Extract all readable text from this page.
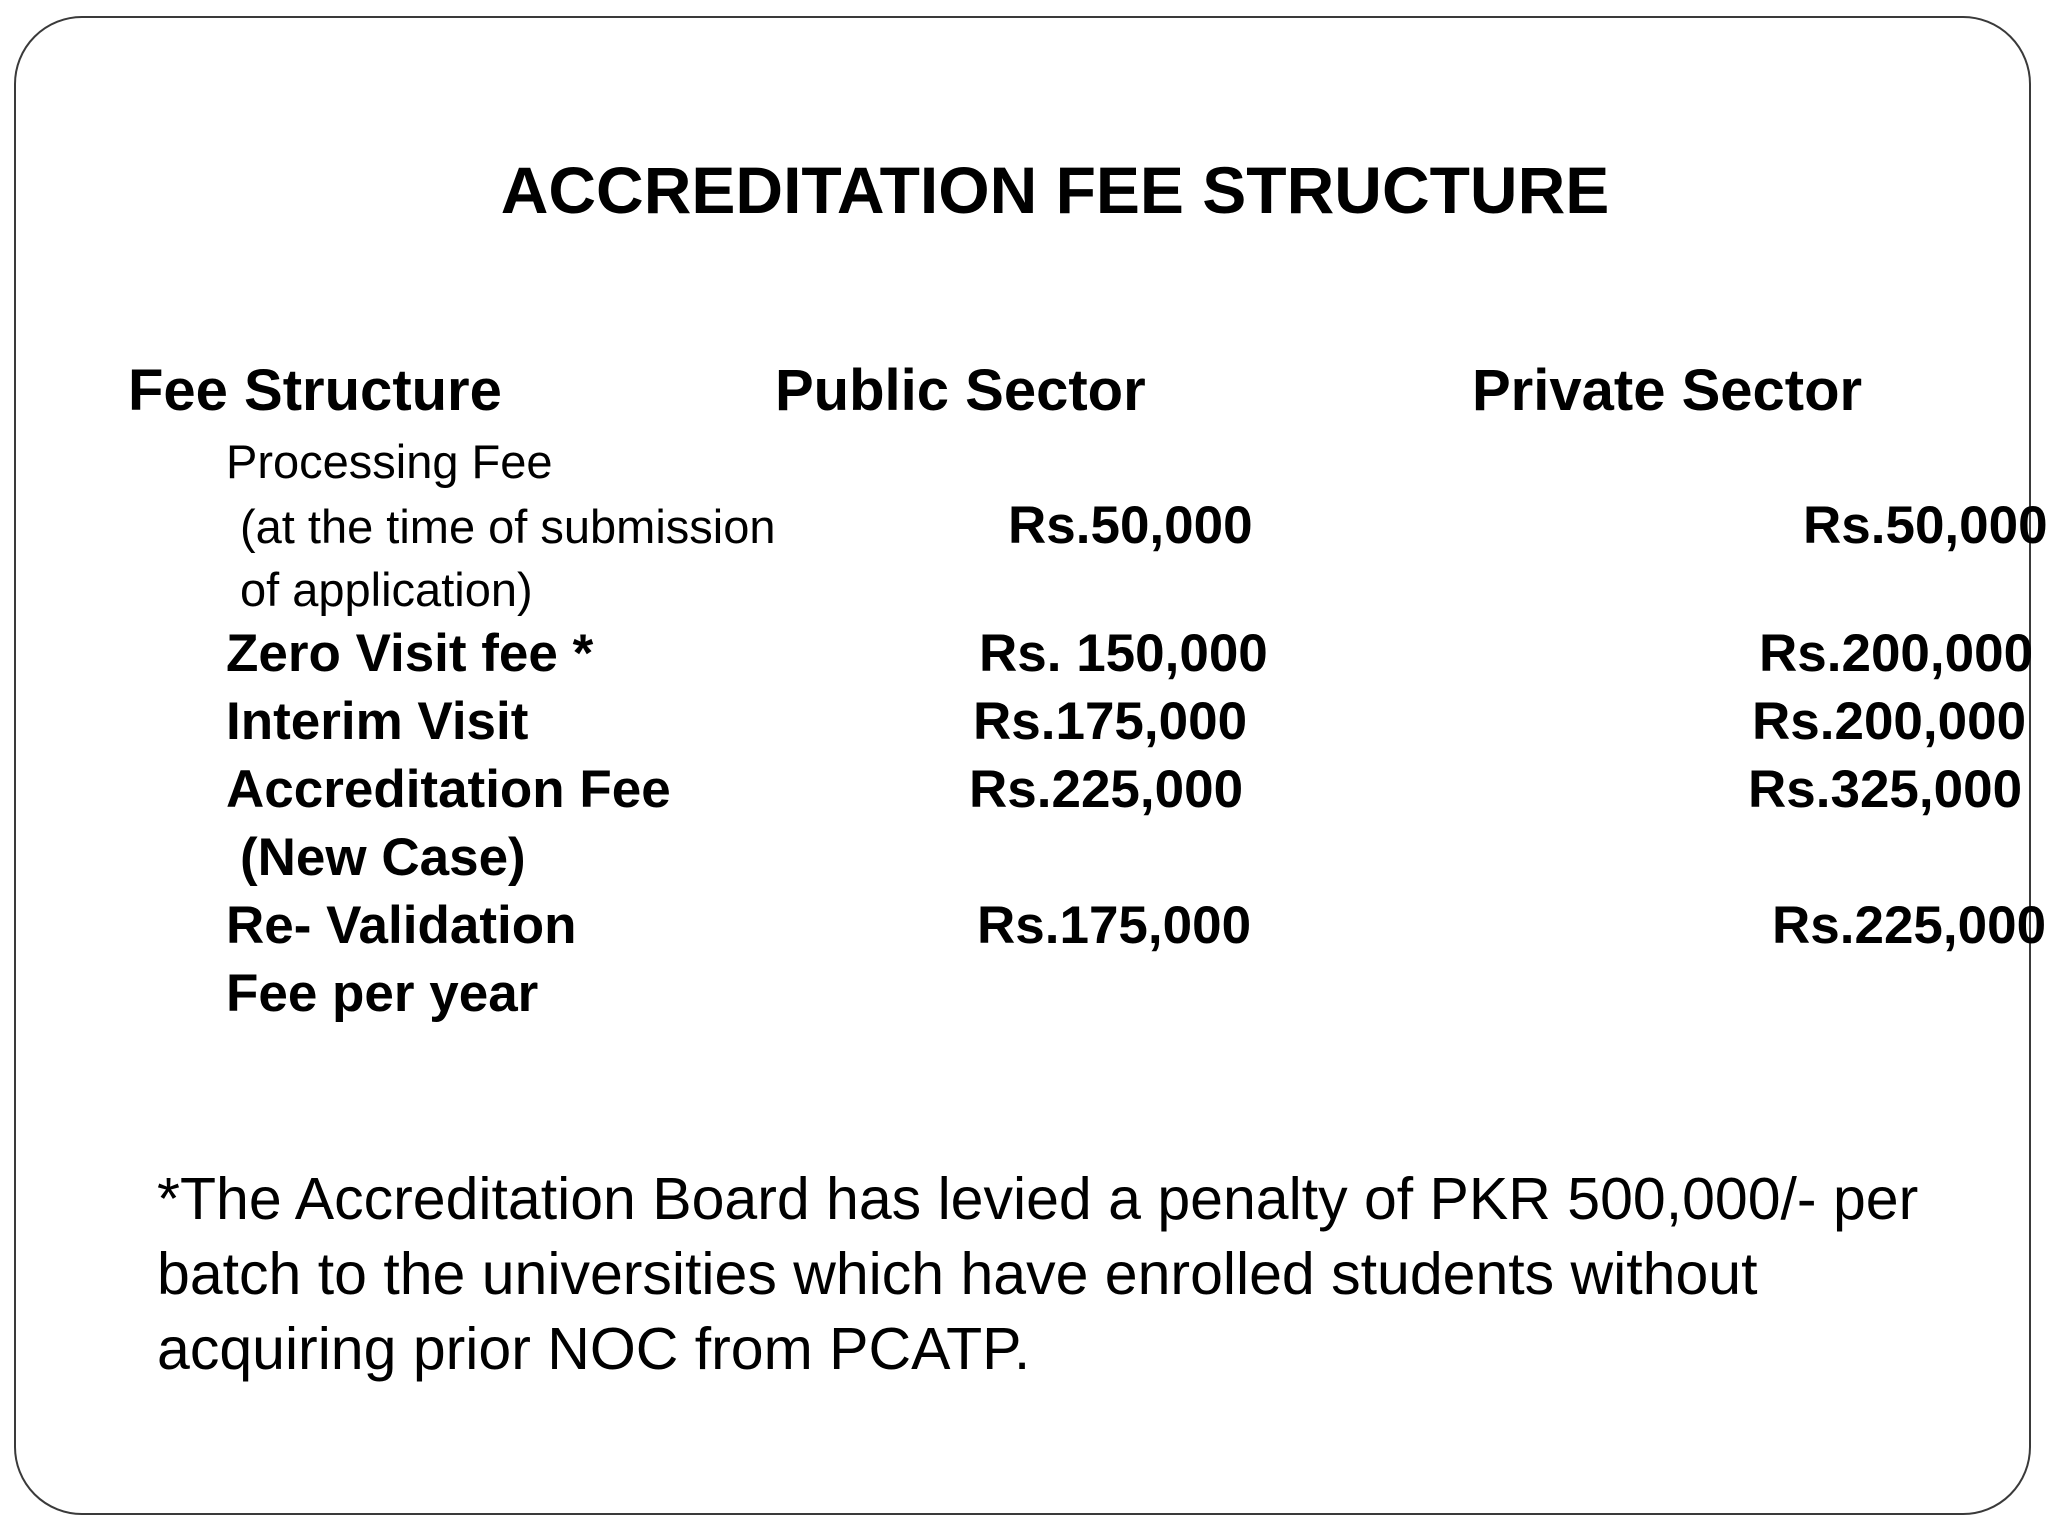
ACCREDITATION FEE STRUCTURE
Fee Structure	Public Sector	Private Sector
Processing Fee
(at the time of submission
of application)
Rs.50,000	Rs.50,000
Zero Visit fee *	Rs. 150,000	Rs.200,000
Interim Visit	Rs.175,000	Rs.200,000
Accreditation Fee
(New Case)
Rs.225,000	Rs.325,000
Re- Validation
Fee per year
Rs.175,000	Rs.225,000
*The Accreditation Board has levied a penalty of PKR 500,000/- per batch to the universities which have enrolled students without acquiring prior NOC from PCATP.
